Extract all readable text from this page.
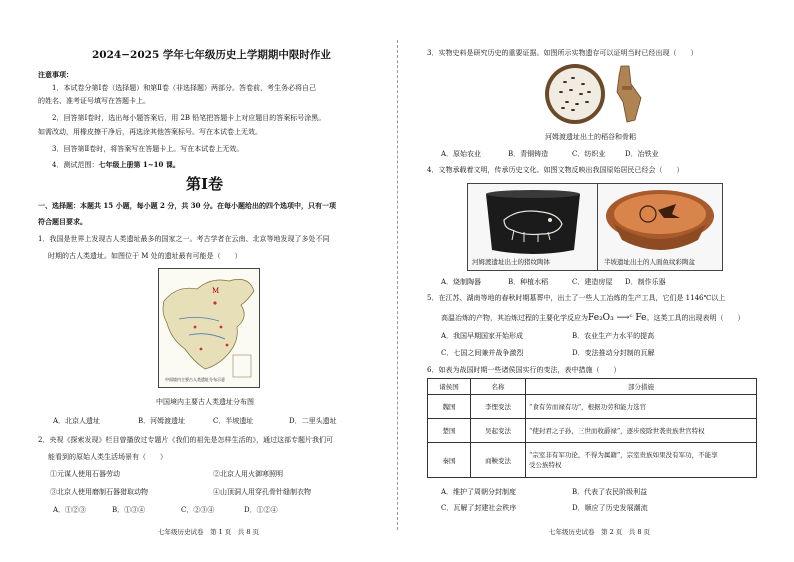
2024−2025 学年七年级历史上学期期中限时作业
注意事项：
1．本试卷分第Ⅰ卷（选择题）和第Ⅱ卷（非选择题）两部分。答卷前，考生务必将自己
的姓名、准考证号填写在答题卡上。
2．回答第Ⅰ卷时，选出每小题答案后，用 2B 铅笔把答题卡上对应题目的答案标号涂黑。
如需改动，用橡皮擦干净后，再选涂其他答案标号。写在本试卷上无效。
3．回答第Ⅱ卷时，将答案写在答题卡上。写在本试卷上无效。
4．测试范围：七年级上册第 1~10 课。
第Ⅰ卷
一、选择题：本题共 15 小题，每小题 2 分，共 30 分。在每小题给出的四个选项中，只有一项
符合题目要求。
1．我国是世界上发现古人类遗址最多的国家之一。考古学者在云南、北京等地发现了多处不同
时期的古人类遗址。如图位于 M 处的遗址最有可能是（　　）
M
中国境内主要古人类遗址分布示意
中国境内主要古人类遗址分布图
A．北京人遗址	B．河姆渡遗址	C．半坡遗址	D．二里头遗址
2．央视《探索发现》栏目曾播放过专题片《我们的祖先是怎样生活的》，通过这部专题片我们可
能看到的原始人类生活场景有（　　）
①元谋人使用石器劳动	②北京人用火御寒照明
③北京人使用磨制石器猎取动物	④山顶洞人用穿孔骨针缝制衣物
A．①②③	B．①③④	C．②③④	D．①②④
七年级历史试卷　第 1 页　共 8 页
3．实物史料是研究历史的重要证据。如图所示实物遗存可以证明当时已经出现（　　）
河姆渡遗址出土的稻谷和骨耜
A．原始农业	B．青铜铸造	C．纺织业	D．冶铁业
4．文物承载着文明，传承历史文化。如图文物反映出我国原始居民已经会（　　）
河姆渡遗址出土的猪纹陶钵	半坡遗址出土的人面鱼纹彩陶盆
A．烧制陶器	B．种植水稻	C．建造房屋 D．制作乐器
5．在江苏、湖南等地的春秋时期墓葬中，出土了一些人工冶炼的生产工具，它们是 1146℃以上
高温冶炼的产物，其冶炼过程的主要化学反应为Fe₂O₃ ⟶ᶜ Fe。这类工具的出现表明（　　）
A．我国早期国家开始形成	B．农业生产力水平的提高
C．七国之间兼并战争激烈	D．变法推动分封制的瓦解
6．如表为战国时期一些诸侯国实行的变法，表中措施（　　）
诸侯国	名称	部分措施
魏国	李悝变法	“食有劳而禄有功”，根据功劳和能力选官
楚国	吴起变法	“使封君之子孙，三世而收爵禄”，逐步废除世袭贵族世官特权
秦国	商鞅变法	“宗室非有军功论，不得为属籍”，宗室贵族如果没有军功，不能享
受公族特权
A．维护了周朝分封制度	B．代表了农民阶级利益
C．瓦解了封建社会秩序	D．顺应了历史发展潮流
七年级历史试卷　第 2 页　共 8 页
